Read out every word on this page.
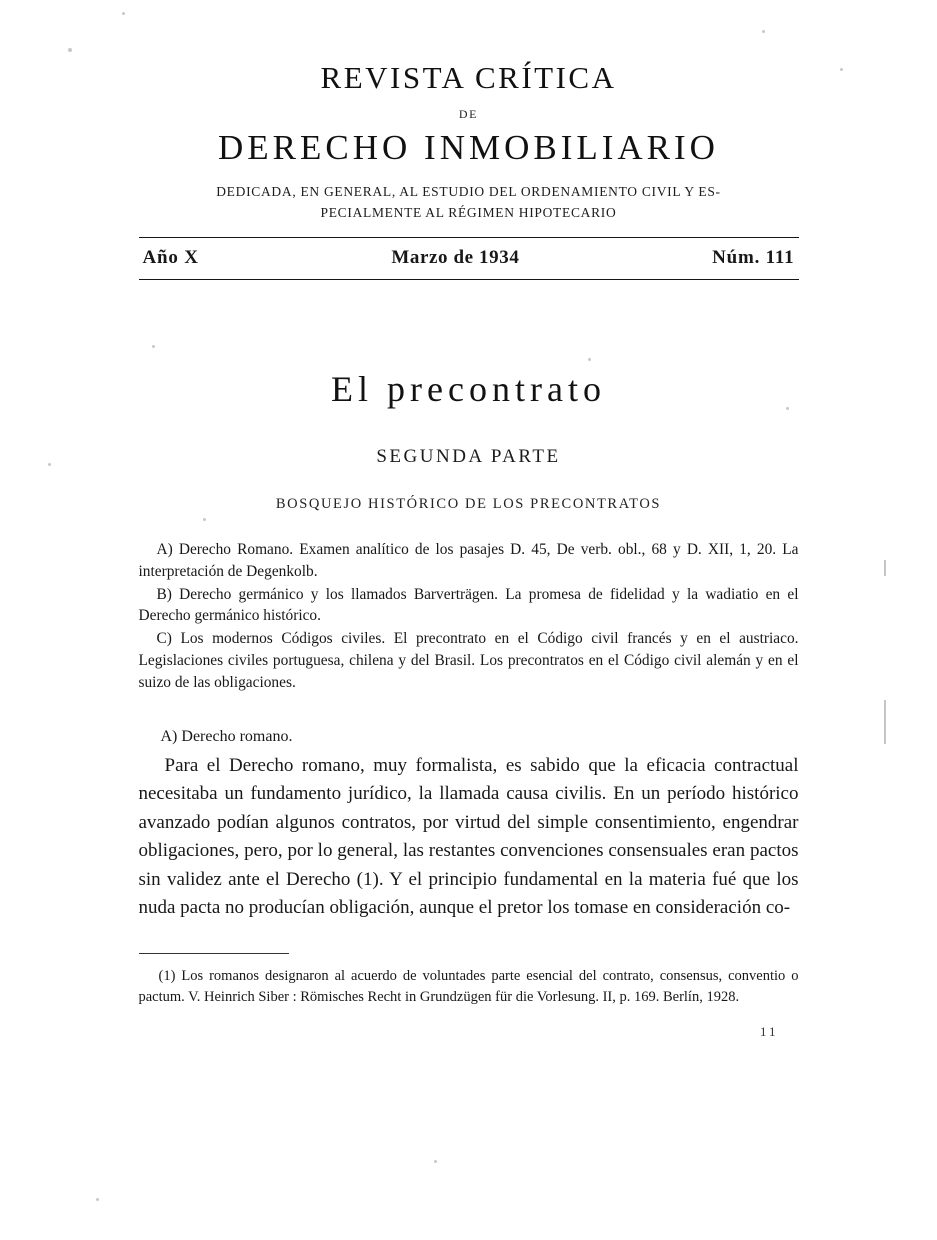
REVISTA CRÍTICA
DE
DERECHO INMOBILIARIO

DEDICADA, EN GENERAL, AL ESTUDIO DEL ORDENAMIENTO CIVIL Y ES-
PECIALMENTE AL RÉGIMEN HIPOTECARIO

Año X	Marzo de 1934	Núm. 111
El precontrato
SEGUNDA PARTE
BOSQUEJO HISTÓRICO DE LOS PRECONTRATOS

A) Derecho Romano. Examen analítico de los pasajes D. 45, De verb. obl., 68 y D. XII, 1, 20. La interpretación de Degenkolb.

B) Derecho germánico y los llamados Barverträgen. La promesa de fidelidad y la wadiatio en el Derecho germánico histórico.

C) Los modernos Códigos civiles. El precontrato en el Código civil francés y en el austriaco. Legislaciones civiles portuguesa, chilena y del Brasil. Los precontratos en el Código civil alemán y en el suizo de las obligaciones.

A) Derecho romano.

Para el Derecho romano, muy formalista, es sabido que la eficacia contractual necesitaba un fundamento jurídico, la llamada causa civilis. En un período histórico avanzado podían algunos contratos, por virtud del simple consentimiento, engendrar obligaciones, pero, por lo general, las restantes convenciones consensuales eran pactos sin validez ante el Derecho (1). Y el principio fundamental en la materia fué que los nuda pacta no producían obligación, aunque el pretor los tomase en consideración co-

(1) Los romanos designaron al acuerdo de voluntades parte esencial del contrato, consensus, conventio o pactum. V. Heinrich Siber : Römisches Recht in Grundzügen für die Vorlesung. II, p. 169. Berlín, 1928.

11
